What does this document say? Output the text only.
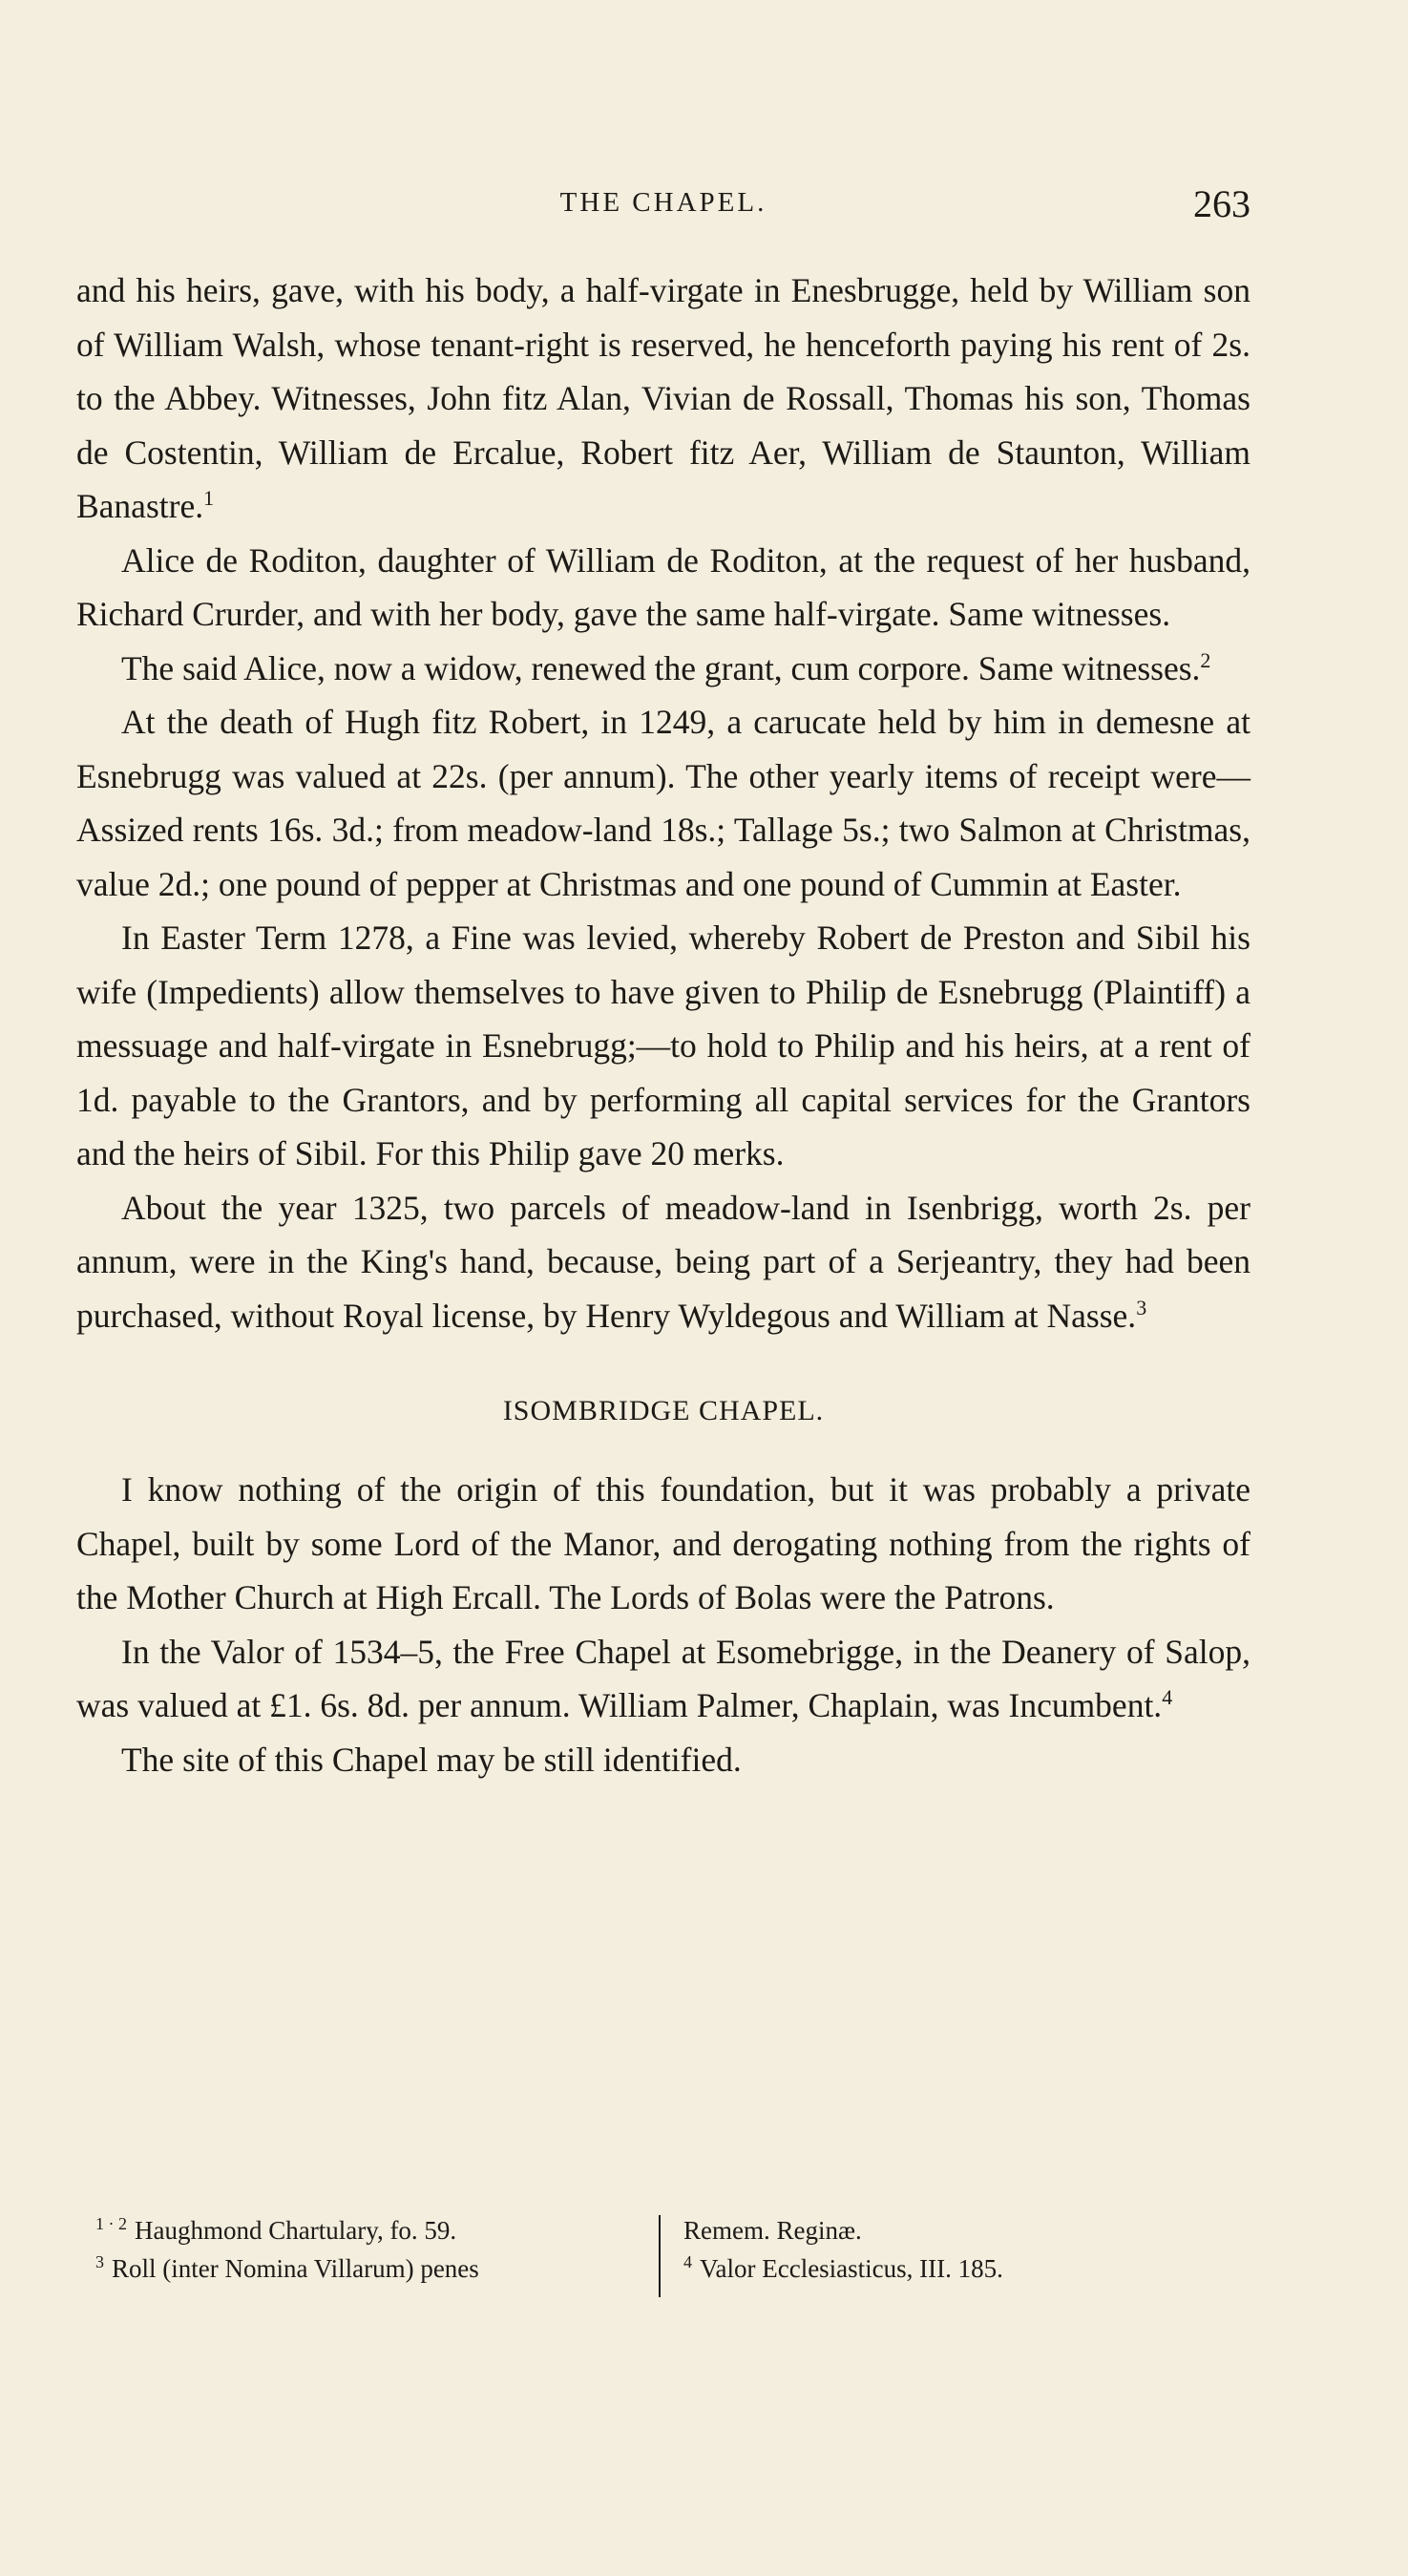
THE CHAPEL.	263

and his heirs, gave, with his body, a half-virgate in Enesbrugge, held by William son of William Walsh, whose tenant-right is reserved, he henceforth paying his rent of 2s. to the Abbey. Witnesses, John fitz Alan, Vivian de Rossall, Thomas his son, Thomas de Costentin, William de Ercalue, Robert fitz Aer, William de Staunton, William Banastre.$^1$

Alice de Roditon, daughter of William de Roditon, at the request of her husband, Richard Crurder, and with her body, gave the same half-virgate. Same witnesses.

The said Alice, now a widow, renewed the grant, cum corpore. Same witnesses.$^2$

At the death of Hugh fitz Robert, in 1249, a carucate held by him in demesne at Esnebrugg was valued at 22s. (per annum). The other yearly items of receipt were—Assized rents 16s. 3d.; from meadow-land 18s.; Tallage 5s.; two Salmon at Christmas, value 2d.; one pound of pepper at Christmas and one pound of Cummin at Easter.

In Easter Term 1278, a Fine was levied, whereby Robert de Preston and Sibil his wife (Impedients) allow themselves to have given to Philip de Esnebrugg (Plaintiff) a messuage and half-virgate in Esnebrugg;—to hold to Philip and his heirs, at a rent of 1d. payable to the Grantors, and by performing all capital services for the Grantors and the heirs of Sibil. For this Philip gave 20 merks.

About the year 1325, two parcels of meadow-land in Isenbrigg, worth 2s. per annum, were in the King's hand, because, being part of a Serjeantry, they had been purchased, without Royal license, by Henry Wyldegous and William at Nasse.$^3$

ISOMBRIDGE CHAPEL.

I know nothing of the origin of this foundation, but it was probably a private Chapel, built by some Lord of the Manor, and derogating nothing from the rights of the Mother Church at High Ercall. The Lords of Bolas were the Patrons.

In the Valor of 1534–5, the Free Chapel at Esomebrigge, in the Deanery of Salop, was valued at £1. 6s. 8d. per annum. William Palmer, Chaplain, was Incumbent.$^4$

The site of this Chapel may be still identified.

$^{1 \cdot 2}$ Haughmond Chartulary, fo. 59.

$^3$ Roll (inter Nomina Villarum) penes

Remem. Reginæ.

$^4$ Valor Ecclesiasticus, III. 185.
